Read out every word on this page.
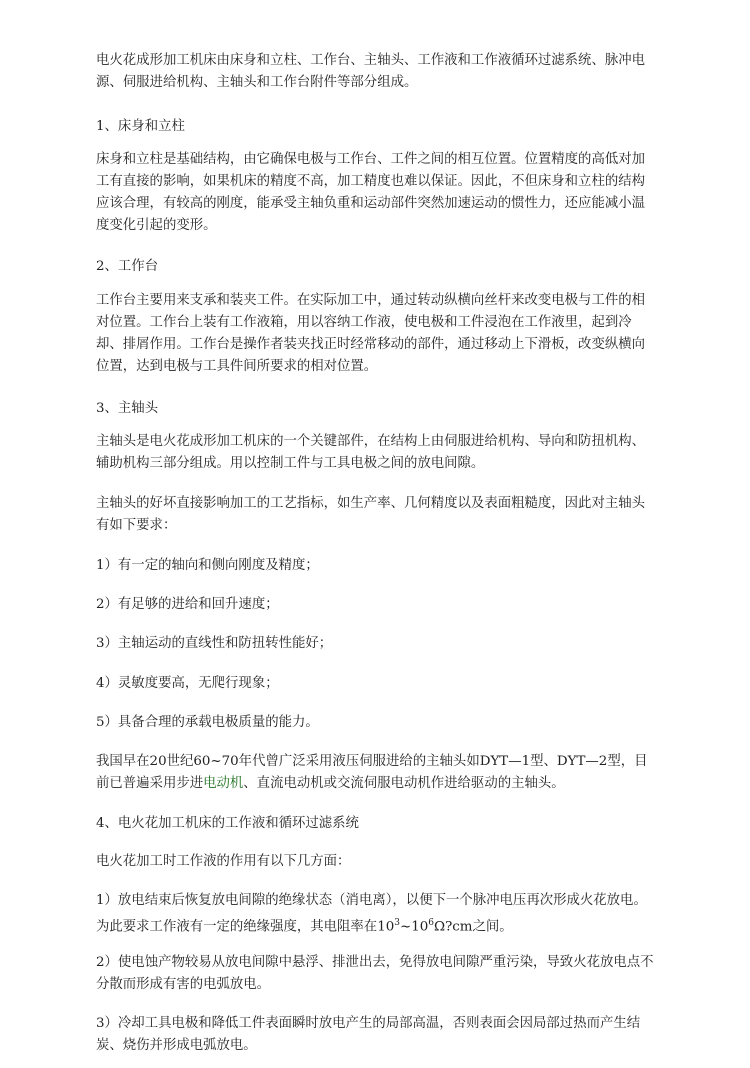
电火花成形加工机床由床身和立柱、工作台、主轴头、工作液和工作液循环过滤系统、脉冲电源、伺服进给机构、主轴头和工作台附件等部分组成。

1、床身和立柱

床身和立柱是基础结构，由它确保电极与工作台、工件之间的相互位置。位置精度的高低对加工有直接的影响，如果机床的精度不高，加工精度也难以保证。因此，不但床身和立柱的结构应该合理，有较高的刚度，能承受主轴负重和运动部件突然加速运动的惯性力，还应能减小温度变化引起的变形。

2、工作台

工作台主要用来支承和装夹工件。在实际加工中，通过转动纵横向丝杆来改变电极与工件的相对位置。工作台上装有工作液箱，用以容纳工作液，使电极和工件浸泡在工作液里，起到冷却、排屑作用。工作台是操作者装夹找正时经常移动的部件，通过移动上下滑板，改变纵横向位置，达到电极与工具件间所要求的相对位置。

3、主轴头

主轴头是电火花成形加工机床的一个关键部件，在结构上由伺服进给机构、导向和防扭机构、辅助机构三部分组成。用以控制工件与工具电极之间的放电间隙。

主轴头的好坏直接影响加工的工艺指标，如生产率、几何精度以及表面粗糙度，因此对主轴头有如下要求：

1）有一定的轴向和侧向刚度及精度；

2）有足够的进给和回升速度；

3）主轴运动的直线性和防扭转性能好；

4）灵敏度要高，无爬行现象；

5）具备合理的承载电极质量的能力。

我国早在20世纪60~70年代曾广泛采用液压伺服进给的主轴头如DYT—1型、DYT—2型，目前已普遍采用步进电动机、直流电动机或交流伺服电动机作进给驱动的主轴头。

4、电火花加工机床的工作液和循环过滤系统

电火花加工时工作液的作用有以下几方面：

1）放电结束后恢复放电间隙的绝缘状态（消电离），以便下一个脉冲电压再次形成火花放电。为此要求工作液有一定的绝缘强度，其电阻率在$10^3\sim 10^6\Omega?cm$之间。

2）使电蚀产物较易从放电间隙中悬浮、排泄出去，免得放电间隙严重污染，导致火花放电点不分散而形成有害的电弧放电。

3）冷却工具电极和降低工件表面瞬时放电产生的局部高温，否则表面会因局部过热而产生结炭、烧伤并形成电弧放电。
